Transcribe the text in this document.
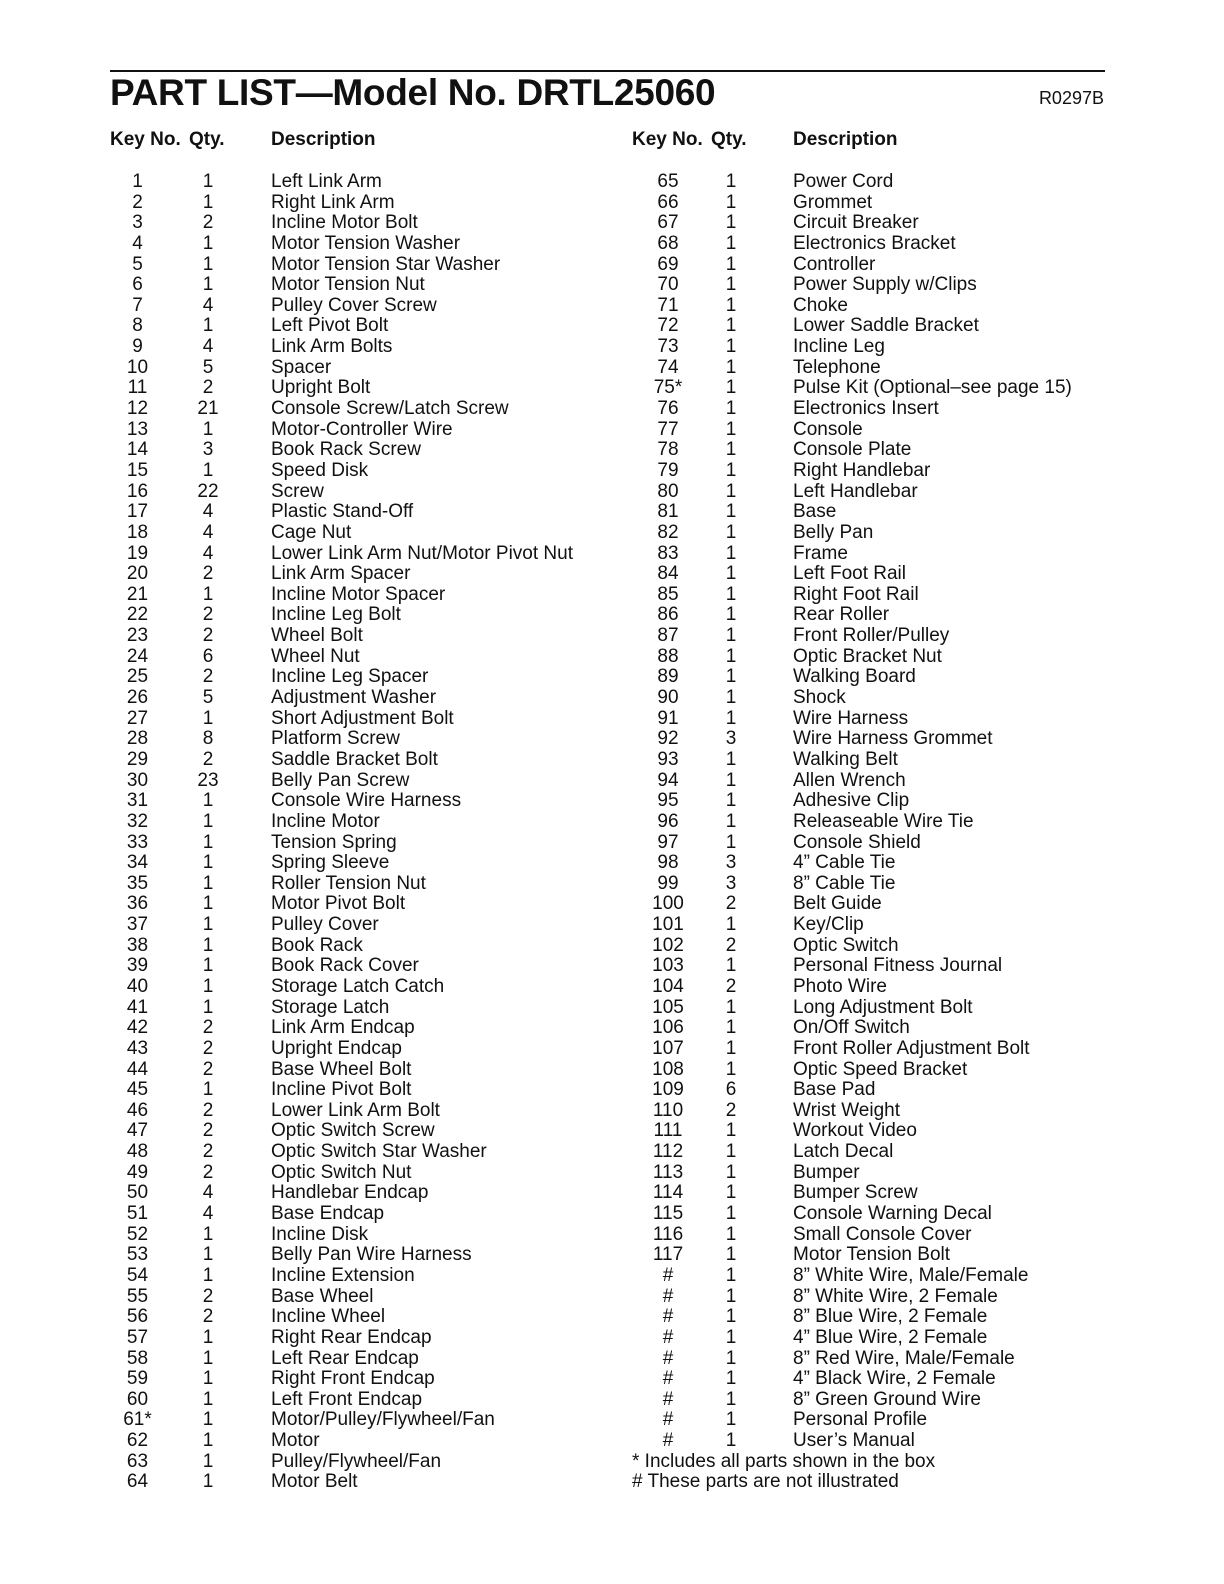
PART LIST—Model No. DRTL25060	R0297B
Key No. Qty. Description
1	1	Left Link Arm
2	1	Right Link Arm
3	2	Incline Motor Bolt
4	1	Motor Tension Washer
5	1	Motor Tension Star Washer
6	1	Motor Tension Nut
7	4	Pulley Cover Screw
8	1	Left Pivot Bolt
9	4	Link Arm Bolts
10	5	Spacer
11	2	Upright Bolt
12	21	Console Screw/Latch Screw
13	1	Motor-Controller Wire
14	3	Book Rack Screw
15	1	Speed Disk
16	22	Screw
17	4	Plastic Stand-Off
18	4	Cage Nut
19	4	Lower Link Arm Nut/Motor Pivot Nut
20	2	Link Arm Spacer
21	1	Incline Motor Spacer
22	2	Incline Leg Bolt
23	2	Wheel Bolt
24	6	Wheel Nut
25	2	Incline Leg Spacer
26	5	Adjustment Washer
27	1	Short Adjustment Bolt
28	8	Platform Screw
29	2	Saddle Bracket Bolt
30	23	Belly Pan Screw
31	1	Console Wire Harness
32	1	Incline Motor
33	1	Tension Spring
34	1	Spring Sleeve
35	1	Roller Tension Nut
36	1	Motor Pivot Bolt
37	1	Pulley Cover
38	1	Book Rack
39	1	Book Rack Cover
40	1	Storage Latch Catch
41	1	Storage Latch
42	2	Link Arm Endcap
43	2	Upright Endcap
44	2	Base Wheel Bolt
45	1	Incline Pivot Bolt
46	2	Lower Link Arm Bolt
47	2	Optic Switch Screw
48	2	Optic Switch Star Washer
49	2	Optic Switch Nut
50	4	Handlebar Endcap
51	4	Base Endcap
52	1	Incline Disk
53	1	Belly Pan Wire Harness
54	1	Incline Extension
55	2	Base Wheel
56	2	Incline Wheel
57	1	Right Rear Endcap
58	1	Left Rear Endcap
59	1	Right Front Endcap
60	1	Left Front Endcap
61*	1	Motor/Pulley/Flywheel/Fan
62	1	Motor
63	1	Pulley/Flywheel/Fan
64	1	Motor Belt
Key No. Qty. Description
65	1	Power Cord
66	1	Grommet
67	1	Circuit Breaker
68	1	Electronics Bracket
69	1	Controller
70	1	Power Supply w/Clips
71	1	Choke
72	1	Lower Saddle Bracket
73	1	Incline Leg
74	1	Telephone
75*	1	Pulse Kit (Optional–see page 15)
76	1	Electronics Insert
77	1	Console
78	1	Console Plate
79	1	Right Handlebar
80	1	Left Handlebar
81	1	Base
82	1	Belly Pan
83	1	Frame
84	1	Left Foot Rail
85	1	Right Foot Rail
86	1	Rear Roller
87	1	Front Roller/Pulley
88	1	Optic Bracket Nut
89	1	Walking Board
90	1	Shock
91	1	Wire Harness
92	3	Wire Harness Grommet
93	1	Walking Belt
94	1	Allen Wrench
95	1	Adhesive Clip
96	1	Releaseable Wire Tie
97	1	Console Shield
98	3	4” Cable Tie
99	3	8” Cable Tie
100	2	Belt Guide
101	1	Key/Clip
102	2	Optic Switch
103	1	Personal Fitness Journal
104	2	Photo Wire
105	1	Long Adjustment Bolt
106	1	On/Off Switch
107	1	Front Roller Adjustment Bolt
108	1	Optic Speed Bracket
109	6	Base Pad
110	2	Wrist Weight
111	1	Workout Video
112	1	Latch Decal
113	1	Bumper
114	1	Bumper Screw
115	1	Console Warning Decal
116	1	Small Console Cover
117	1	Motor Tension Bolt
#	1	8” White Wire, Male/Female
#	1	8” White Wire, 2 Female
#	1	8” Blue Wire, 2 Female
#	1	4” Blue Wire, 2 Female
#	1	8” Red Wire, Male/Female
#	1	4” Black Wire, 2 Female
#	1	8” Green Ground Wire
#	1	Personal Profile
#	1	User’s Manual
* Includes all parts shown in the box
# These parts are not illustrated
